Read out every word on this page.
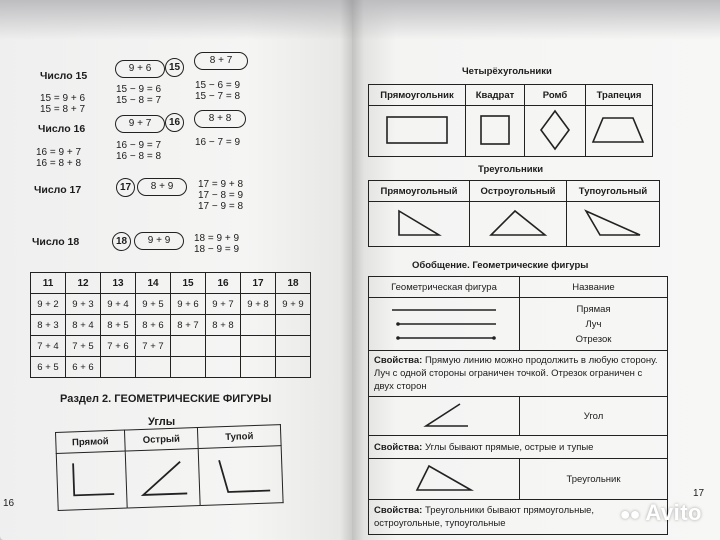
Число 15
9 + 6	15
8 + 7
15 = 9 + 6
15 = 8 + 7
15 − 9 = 6
15 − 8 = 7
15 − 6 = 9
15 − 7 = 8
Число 16	9 + 7	16	8 + 8
16 = 9 + 7
16 = 8 + 8
16 − 9 = 7
16 − 8 = 8
16 − 7 = 9
Число 17	17	8 + 9	17 = 9 + 8
17 − 8 = 9
17 − 9 = 8
Число 18	18	9 + 9	18 = 9 + 9
18 − 9 = 9
11	12	13	14	15	16	17	18
9 + 2	9 + 3	9 + 4	9 + 5	9 + 6	9 + 7	9 + 8	9 + 9
8 + 3	8 + 4	8 + 5	8 + 6	8 + 7	8 + 8		
7 + 4	7 + 5	7 + 6	7 + 7				
6 + 5	6 + 6						
Раздел 2. ГЕОМЕТРИЧЕСКИЕ ФИГУРЫ
Углы
Прямой	Острый	Тупой

16
Четырёхугольники
Прямоугольник	Квадрат	Ромб	Трапеция

Треугольники
Прямоугольный	Остроугольный	Тупоугольный

Обобщение. Геометрические фигуры
Геометрическая фигура	Название

Прямая
Луч
Отрезок

Свойства: Прямую линию можно продолжить в любую сторону. Луч с одной стороны ограничен точкой. Отрезок ограничен с двух сторон	
	Угол
Свойства: Углы бывают прямые, острые и тупые	
	Треугольник
Свойства: Треугольники бывают прямоугольные, остроугольные, тупоугольные	
17
●● Avito
